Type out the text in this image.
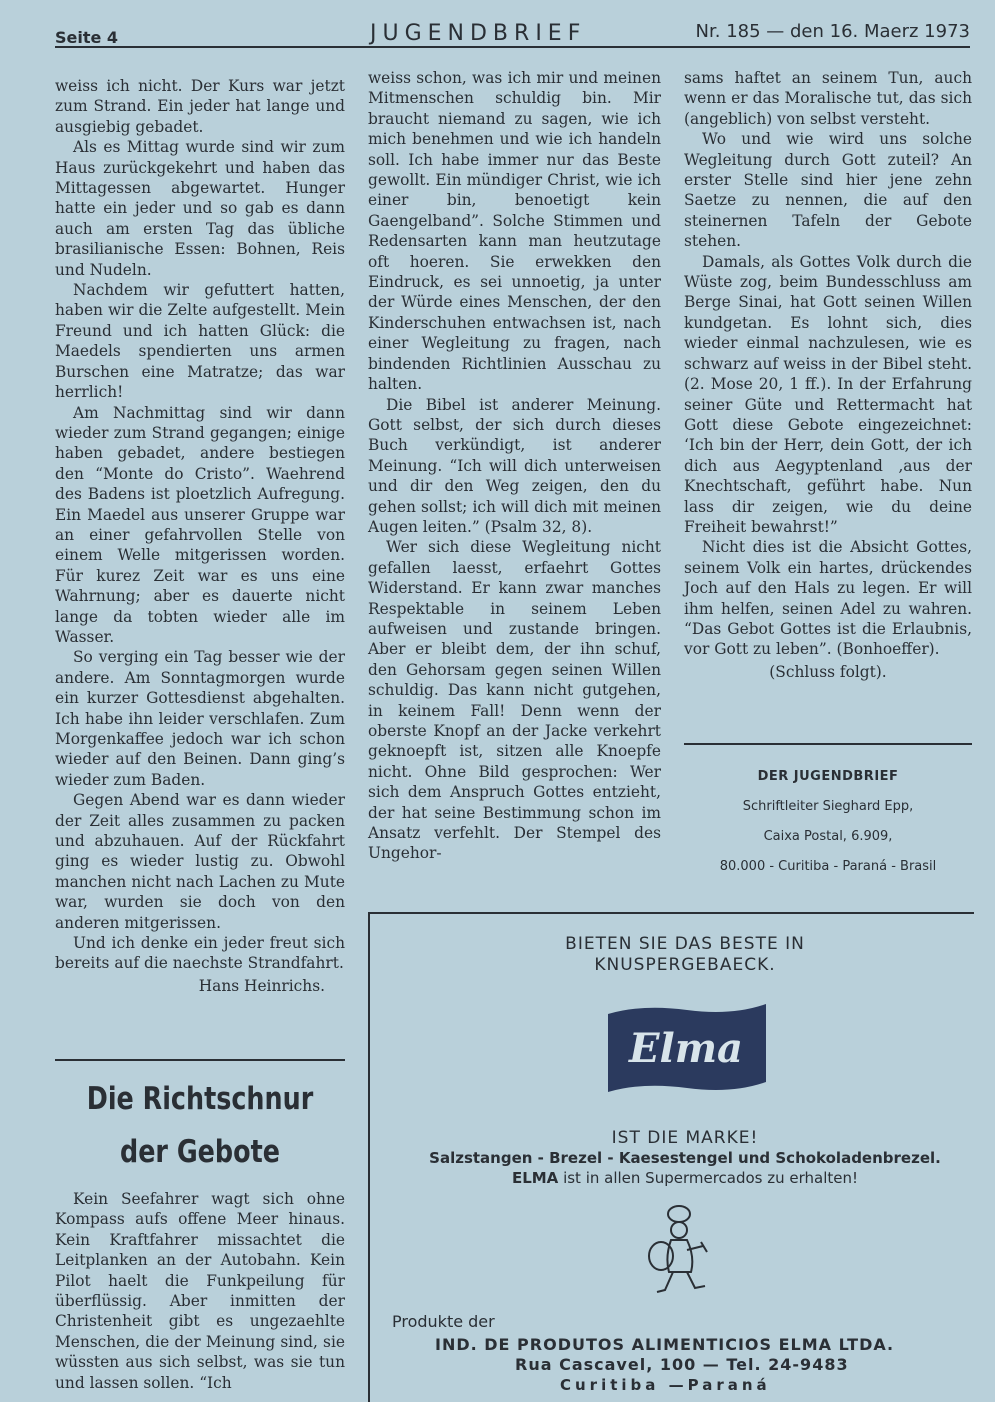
Seite 4	JUGENDBRIEF	Nr. 185 — den 16. Maerz 1973

weiss ich nicht. Der Kurs war jetzt zum Strand. Ein jeder hat lange und ausgiebig gebadet.

Als es Mittag wurde sind wir zum Haus zurückgekehrt und haben das Mittagessen abgewartet. Hunger hatte ein jeder und so gab es dann auch am ersten Tag das übliche brasilianische Essen: Bohnen, Reis und Nudeln.

Nachdem wir gefuttert hatten, haben wir die Zelte aufgestellt. Mein Freund und ich hatten Glück: die Maedels spendierten uns armen Burschen eine Matratze; das war herrlich!

Am Nachmittag sind wir dann wieder zum Strand gegangen; einige haben gebadet, andere bestiegen den “Monte do Cristo”. Waehrend des Badens ist ploetzlich Aufregung. Ein Maedel aus unserer Gruppe war an einer gefahrvollen Stelle von einem Welle mitgerissen worden. Für kurez Zeit war es uns eine Wahrnung; aber es dauerte nicht lange da tobten wieder alle im Wasser.

So verging ein Tag besser wie der andere. Am Sonntagmorgen wurde ein kurzer Gottesdienst abgehalten. Ich habe ihn leider verschlafen. Zum Morgenkaffee jedoch war ich schon wieder auf den Beinen. Dann ging’s wieder zum Baden.

Gegen Abend war es dann wieder der Zeit alles zusammen zu packen und abzuhauen. Auf der Rückfahrt ging es wieder lustig zu. Obwohl manchen nicht nach Lachen zu Mute war, wurden sie doch von den anderen mitgerissen.

Und ich denke ein jeder freut sich bereits auf die naechste Strandfahrt.

Hans Heinrichs.
Die Richtschnur
der Gebote

Kein Seefahrer wagt sich ohne Kompass aufs offene Meer hinaus. Kein Kraftfahrer missachtet die Leitplanken an der Autobahn. Kein Pilot haelt die Funkpeilung für überflüssig. Aber inmitten der Christenheit gibt es ungezaehlte Menschen, die der Meinung sind, sie wüssten aus sich selbst, was sie tun und lassen sollen. “Ich

weiss schon, was ich mir und meinen Mitmenschen schuldig bin. Mir braucht niemand zu sagen, wie ich mich benehmen und wie ich handeln soll. Ich habe immer nur das Beste gewollt. Ein mündiger Christ, wie ich einer bin, benoetigt kein Gaengelband”. Solche Stimmen und Redensarten kann man heutzutage oft hoeren. Sie erwekken den Eindruck, es sei unnoetig, ja unter der Würde eines Menschen, der den Kinderschuhen entwachsen ist, nach einer Wegleitung zu fragen, nach bindenden Richtlinien Ausschau zu halten.

Die Bibel ist anderer Meinung. Gott selbst, der sich durch dieses Buch verkündigt, ist anderer Meinung. “Ich will dich unterweisen und dir den Weg zeigen, den du gehen sollst; ich will dich mit meinen Augen leiten.” (Psalm 32, 8).

Wer sich diese Wegleitung nicht gefallen laesst, erfaehrt Gottes Widerstand. Er kann zwar manches Respektable in seinem Leben aufweisen und zustande bringen. Aber er bleibt dem, der ihn schuf, den Gehorsam gegen seinen Willen schuldig. Das kann nicht gutgehen, in keinem Fall! Denn wenn der oberste Knopf an der Jacke verkehrt geknoepft ist, sitzen alle Knoepfe nicht. Ohne Bild gesprochen: Wer sich dem Anspruch Gottes entzieht, der hat seine Bestimmung schon im Ansatz verfehlt. Der Stempel des Ungehor-

sams haftet an seinem Tun, auch wenn er das Moralische tut, das sich (angeblich) von selbst versteht.

Wo und wie wird uns solche Wegleitung durch Gott zuteil? An erster Stelle sind hier jene zehn Saetze zu nennen, die auf den steinernen Tafeln der Gebote stehen.

Damals, als Gottes Volk durch die Wüste zog, beim Bundesschluss am Berge Sinai, hat Gott seinen Willen kundgetan. Es lohnt sich, dies wieder einmal nachzulesen, wie es schwarz auf weiss in der Bibel steht. (2. Mose 20, 1 ff.). In der Erfahrung seiner Güte und Rettermacht hat Gott diese Gebote eingezeichnet: ‘Ich bin der Herr, dein Gott, der ich dich aus Aegyptenland ‚aus der Knechtschaft, geführt habe. Nun lass dir zeigen, wie du deine Freiheit bewahrst!”

Nicht dies ist die Absicht Gottes, seinem Volk ein hartes, drückendes Joch auf den Hals zu legen. Er will ihm helfen, seinen Adel zu wahren. “Das Gebot Gottes ist die Erlaubnis, vor Gott zu leben”. (Bonhoeffer).

(Schluss folgt).
DER JUGENDBRIEF
Schriftleiter Sieghard Epp,
Caixa Postal, 6.909,
80.000 - Curitiba - Paraná - Brasil
BIETEN SIE DAS BESTE IN
KNUSPERGEBAECK.
Elma
IST DIE MARKE!
Salzstangen - Brezel - Kaesestengel und Schokoladenbrezel.
ELMA ist in allen Supermercados zu erhalten!
Produkte der
IND. DE PRODUTOS ALIMENTICIOS ELMA LTDA.
Rua Cascavel, 100 — Tel. 24-9483
Curitiba —Paraná
